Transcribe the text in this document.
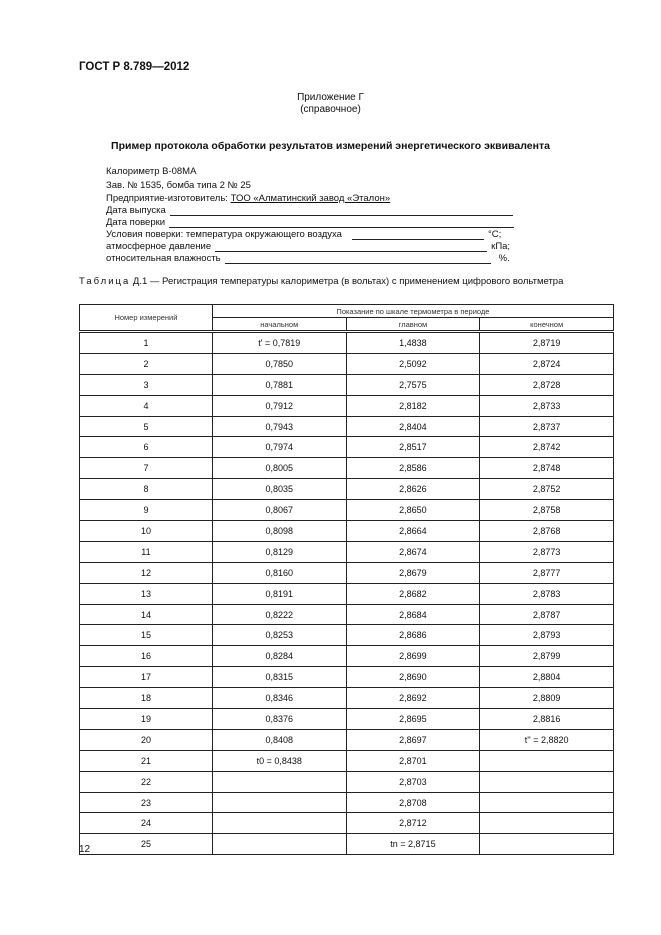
ГОСТ Р 8.789—2012
Приложение Г
(справочное)
Пример протокола обработки результатов измерений энергетического эквивалента
Калориметр В-08МА
Зав. № 1535, бомба типа 2 № 25
Предприятие-изготовитель:
ТОО «Алматинский завод «Эталон»
Дата выпуска
Дата поверки
Условия поверки: температура окружающего воздуха	°С;
атмосферное давление	кПа;
относительная влажность	%.
Таблица Д.1 — Регистрация температуры калориметра (в вольтах) с применением цифрового вольтметра
Номер измерений	Показание по шкале термометра в периоде		
	начальном	главном	конечном
1	t' = 0,7819	1,4838	2,8719
2	0,7850	2,5092	2,8724
3	0,7881	2,7575	2,8728
4	0,7912	2,8182	2,8733
5	0,7943	2,8404	2,8737
6	0,7974	2,8517	2,8742
7	0,8005	2,8586	2,8748
8	0,8035	2,8626	2,8752
9	0,8067	2,8650	2,8758
10	0,8098	2,8664	2,8768
11	0,8129	2,8674	2,8773
12	0,8160	2,8679	2,8777
13	0,8191	2,8682	2,8783
14	0,8222	2,8684	2,8787
15	0,8253	2,8686	2,8793
16	0,8284	2,8699	2,8799
17	0,8315	2,8690	2,8804
18	0,8346	2,8692	2,8809
19	0,8376	2,8695	2,8816
20	0,8408	2,8697	t'' = 2,8820
21	t0 = 0,8438	2,8701	
22		2,8703	
23		2,8708	
24		2,8712	
25		tn = 2,8715	
12
